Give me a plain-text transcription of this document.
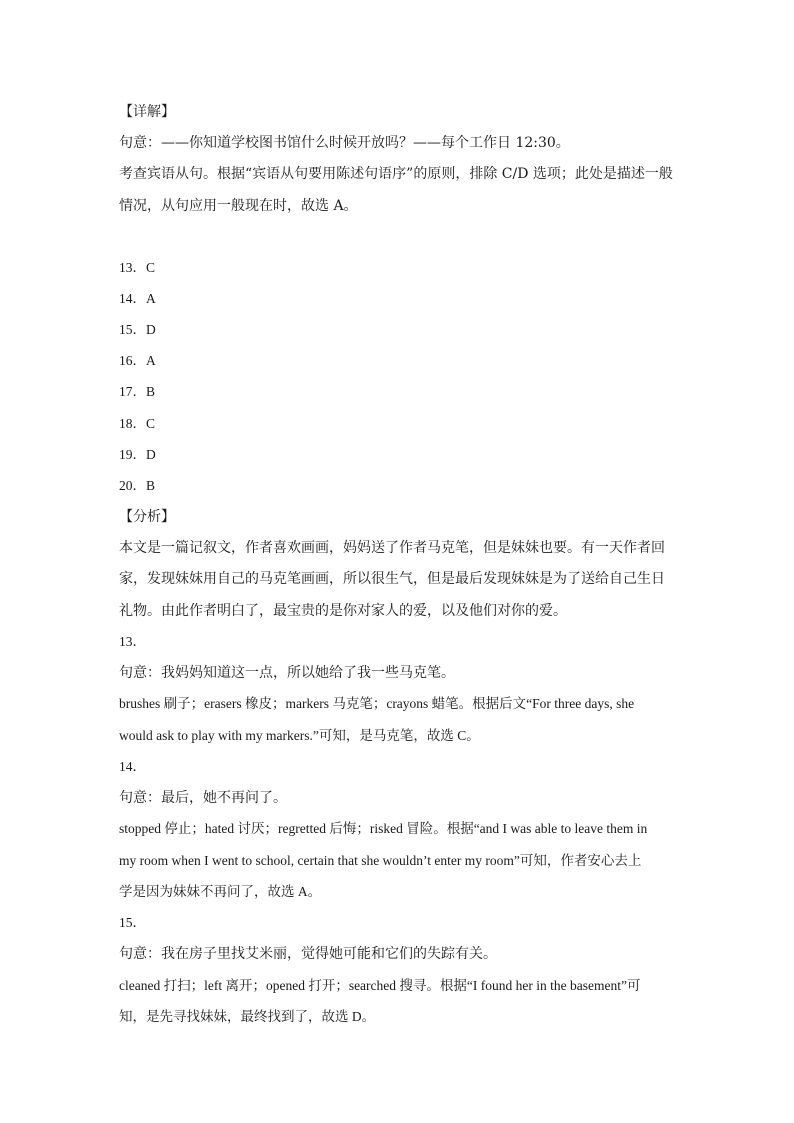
【详解】
句意：——你知道学校图书馆什么时候开放吗？——每个工作日 12:30。
考查宾语从句。根据“宾语从句要用陈述句语序”的原则，排除 C/D 选项；此处是描述一般
情况，从句应用一般现在时，故选 A。
13．C
14．A
15．D
16．A
17．B
18．C
19．D
20．B
【分析】
本文是一篇记叙文，作者喜欢画画，妈妈送了作者马克笔，但是妹妹也要。有一天作者回
家，发现妹妹用自己的马克笔画画，所以很生气，但是最后发现妹妹是为了送给自己生日
礼物。由此作者明白了，最宝贵的是你对家人的爱，以及他们对你的爱。
13．
句意：我妈妈知道这一点，所以她给了我一些马克笔。
brushes 刷子；erasers 橡皮；markers 马克笔；crayons 蜡笔。根据后文“For three days, she
would ask to play with my markers.”可知，是马克笔，故选 C。
14．
句意：最后，她不再问了。
stopped 停止；hated 讨厌；regretted 后悔；risked 冒险。根据“and I was able to leave them in
my room when I went to school, certain that she wouldn’t enter my room”可知，作者安心去上
学是因为妹妹不再问了，故选 A。
15．
句意：我在房子里找艾米丽，觉得她可能和它们的失踪有关。
cleaned 打扫；left 离开；opened 打开；searched 搜寻。根据“I found her in the basement”可
知，是先寻找妹妹，最终找到了，故选 D。
